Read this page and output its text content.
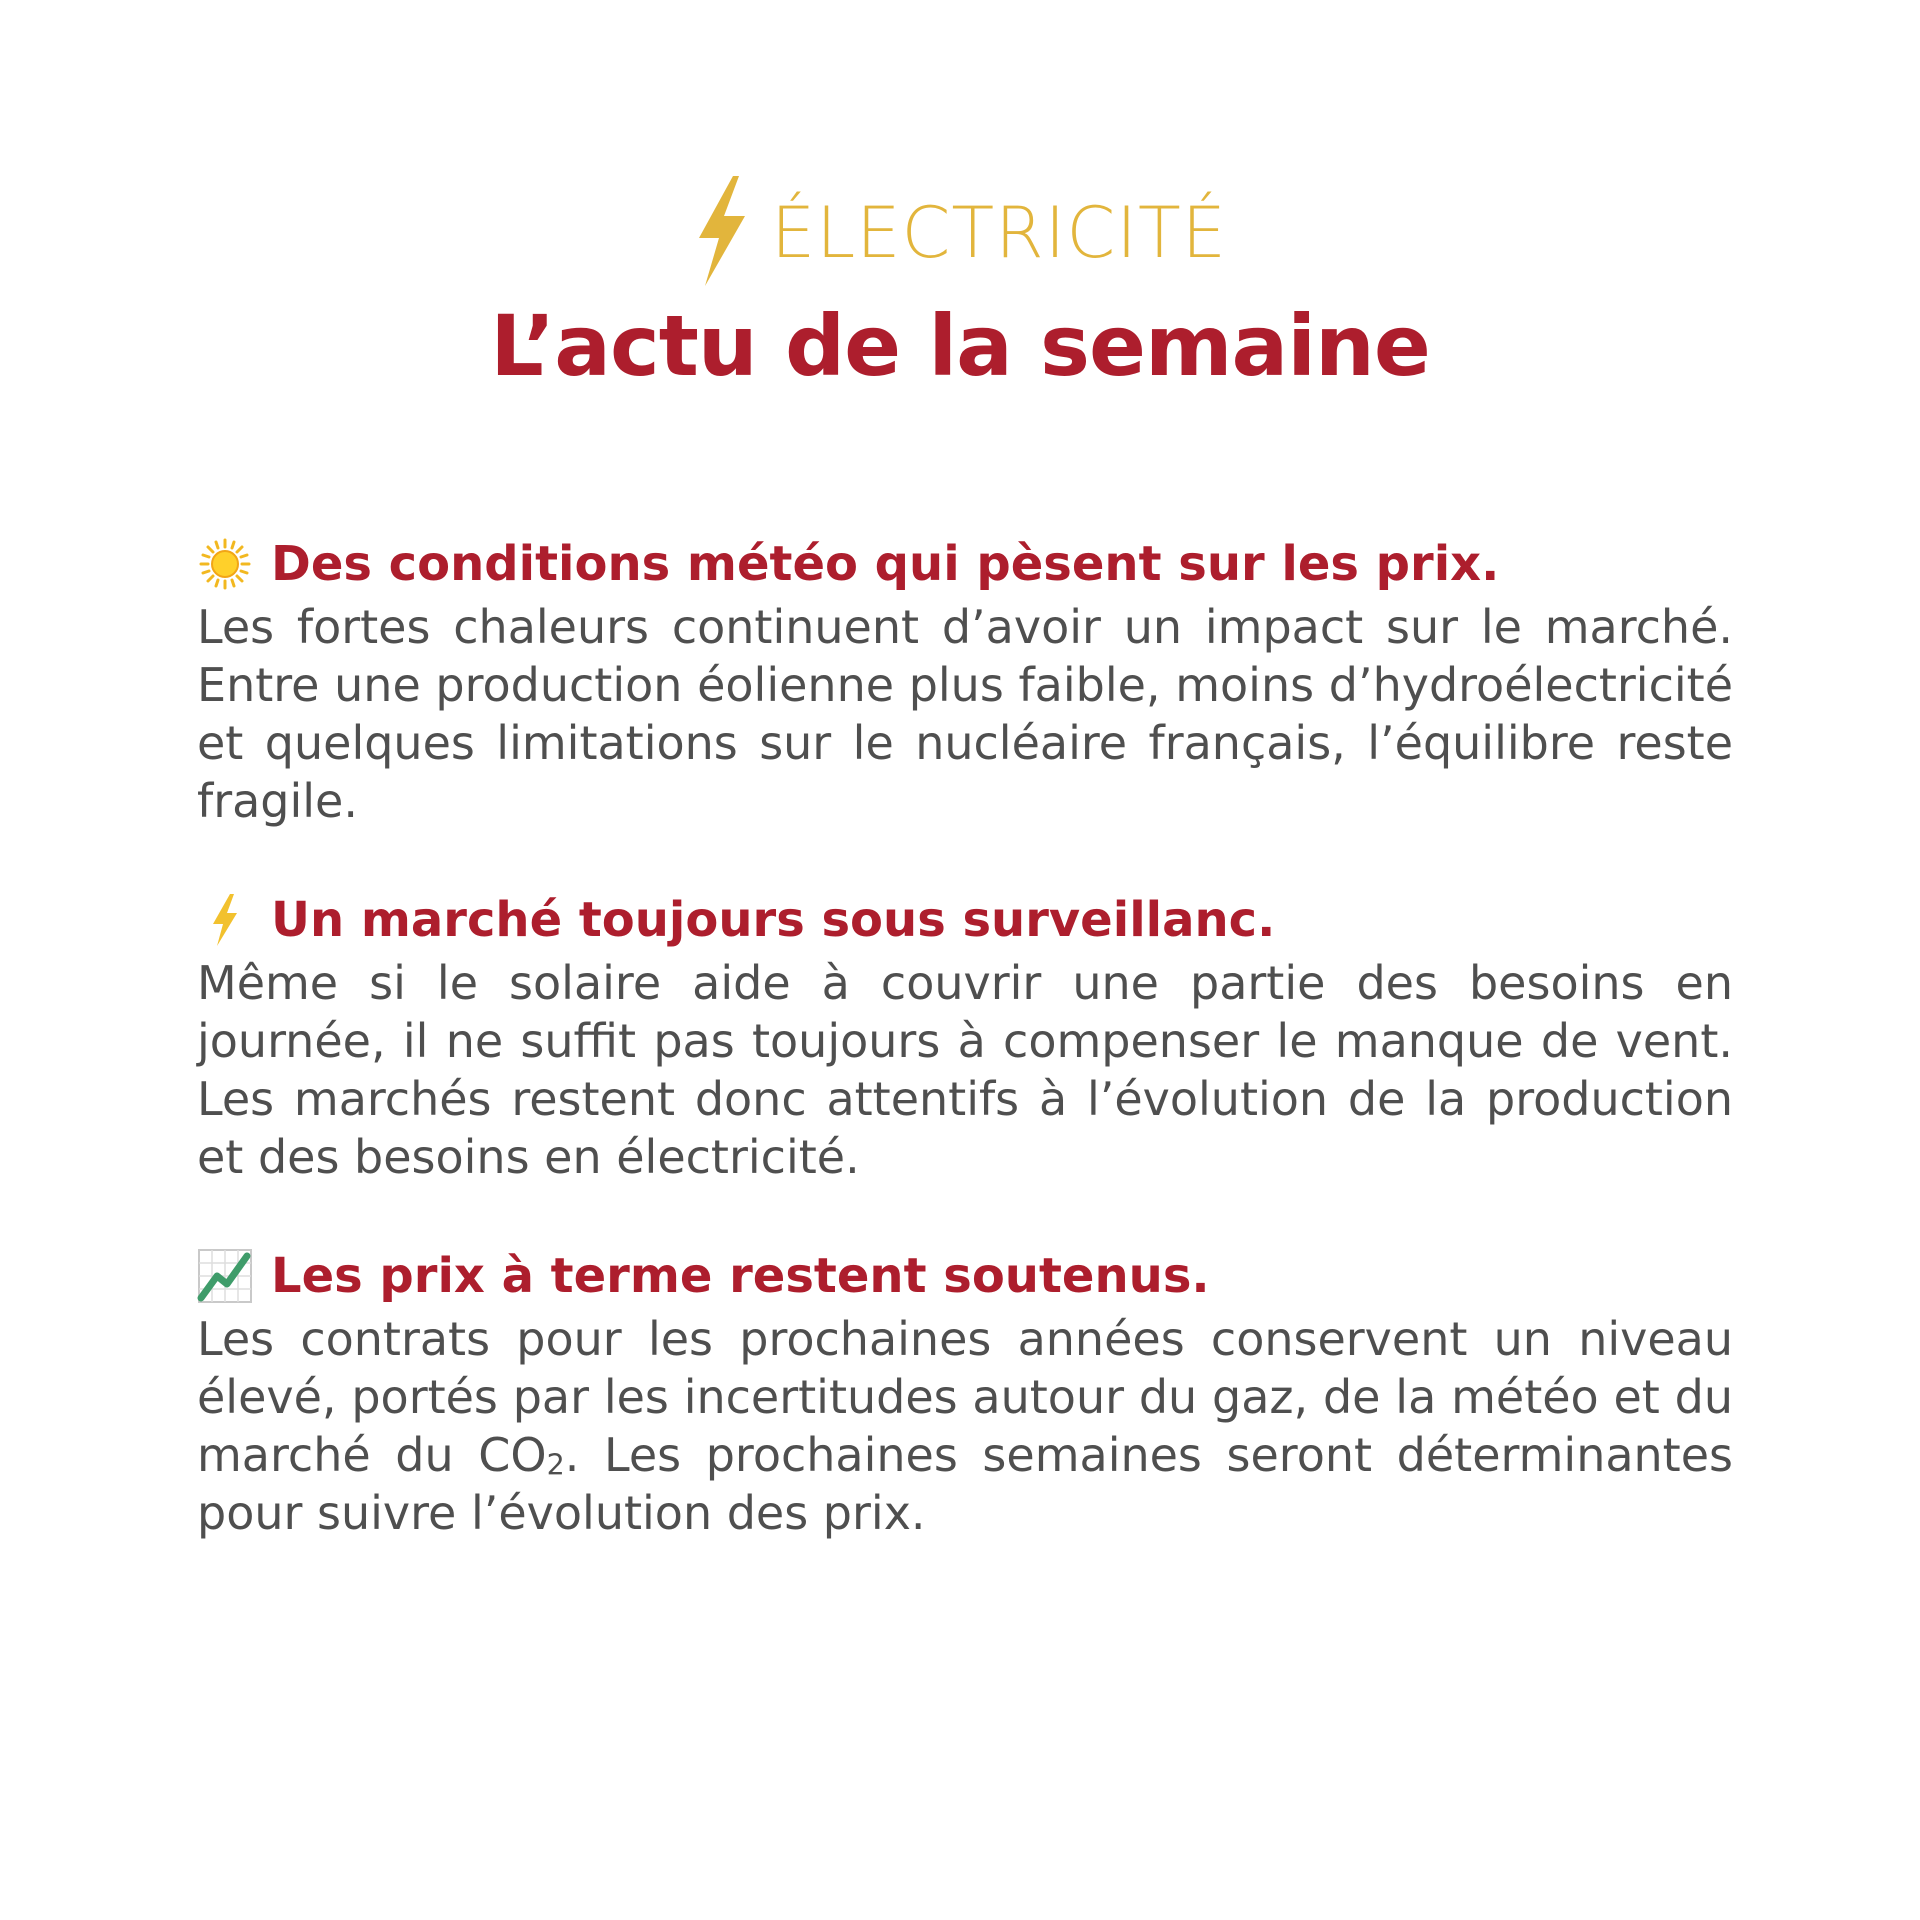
ÉLECTRICITÉ
L’actu de la semaine
Des conditions météo qui pèsent sur les prix.

Les fortes chaleurs continuent d’avoir un impact sur le marché. Entre une production éolienne plus faible, moins d’hydroélectricité et quelques limitations sur le nucléaire français, l’équilibre reste fragile.

Un marché toujours sous surveillanc.

Même si le solaire aide à couvrir une partie des besoins en journée, il ne suffit pas toujours à compenser le manque de vent. Les marchés restent donc attentifs à l’évolution de la production et des besoins en électricité.

Les prix à terme restent soutenus.

Les contrats pour les prochaines années conservent un niveau élevé, portés par les incertitudes autour du gaz, de la météo et du marché du $CO_2$. Les prochaines semaines seront déterminantes pour suivre l’évolution des prix.
